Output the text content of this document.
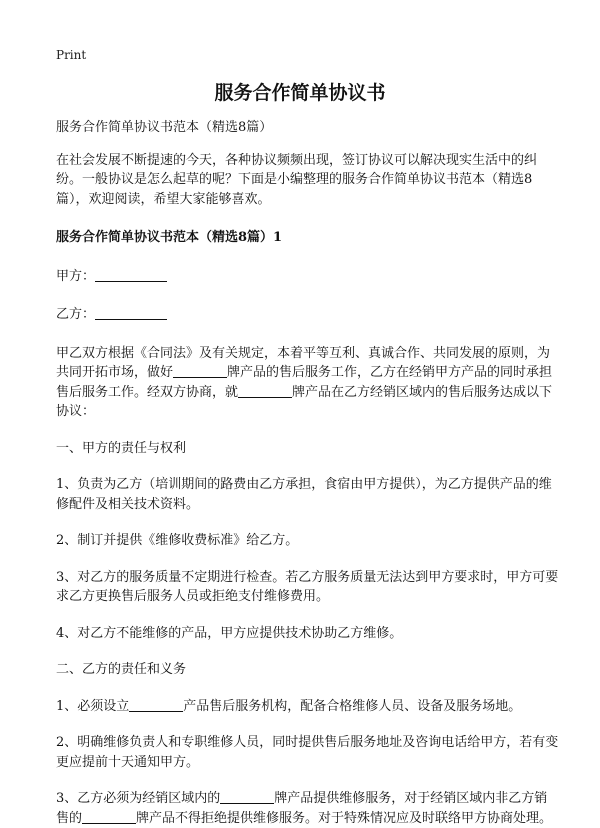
Print
服务合作简单协议书

服务合作简单协议书范本（精选8篇）

在社会发展不断提速的今天，各种协议频频出现，签订协议可以解决现实生活中的纠纷。一般协议是怎么起草的呢？下面是小编整理的服务合作简单协议书范本（精选8篇），欢迎阅读，希望大家能够喜欢。

服务合作简单协议书范本（精选8篇）1

甲方：

乙方：

甲乙双方根据《合同法》及有关规定，本着平等互利、真诚合作、共同发展的原则，为共同开拓市场，做好	牌产品的售后服务工作，乙方在经销甲方产品的同时承担售后服务工作。经双方协商，就	牌产品在乙方经销区域内的售后服务达成以下协议：

一、甲方的责任与权利

1、负责为乙方（培训期间的路费由乙方承担，食宿由甲方提供），为乙方提供产品的维修配件及相关技术资料。

2、制订并提供《维修收费标准》给乙方。

3、对乙方的服务质量不定期进行检查。若乙方服务质量无法达到甲方要求时，甲方可要求乙方更换售后服务人员或拒绝支付维修费用。

4、对乙方不能维修的产品，甲方应提供技术协助乙方维修。

二、乙方的责任和义务

1、必须设立	产品售后服务机构，配备合格维修人员、设备及服务场地。

2、明确维修负责人和专职维修人员，同时提供售后服务地址及咨询电话给甲方，若有变更应提前十天通知甲方。

3、乙方必须为经销区域内的	牌产品提供维修服务，对于经销区域内非乙方销售的	牌产品不得拒绝提供维修服务。对于特殊情况应及时联络甲方协商处理。
